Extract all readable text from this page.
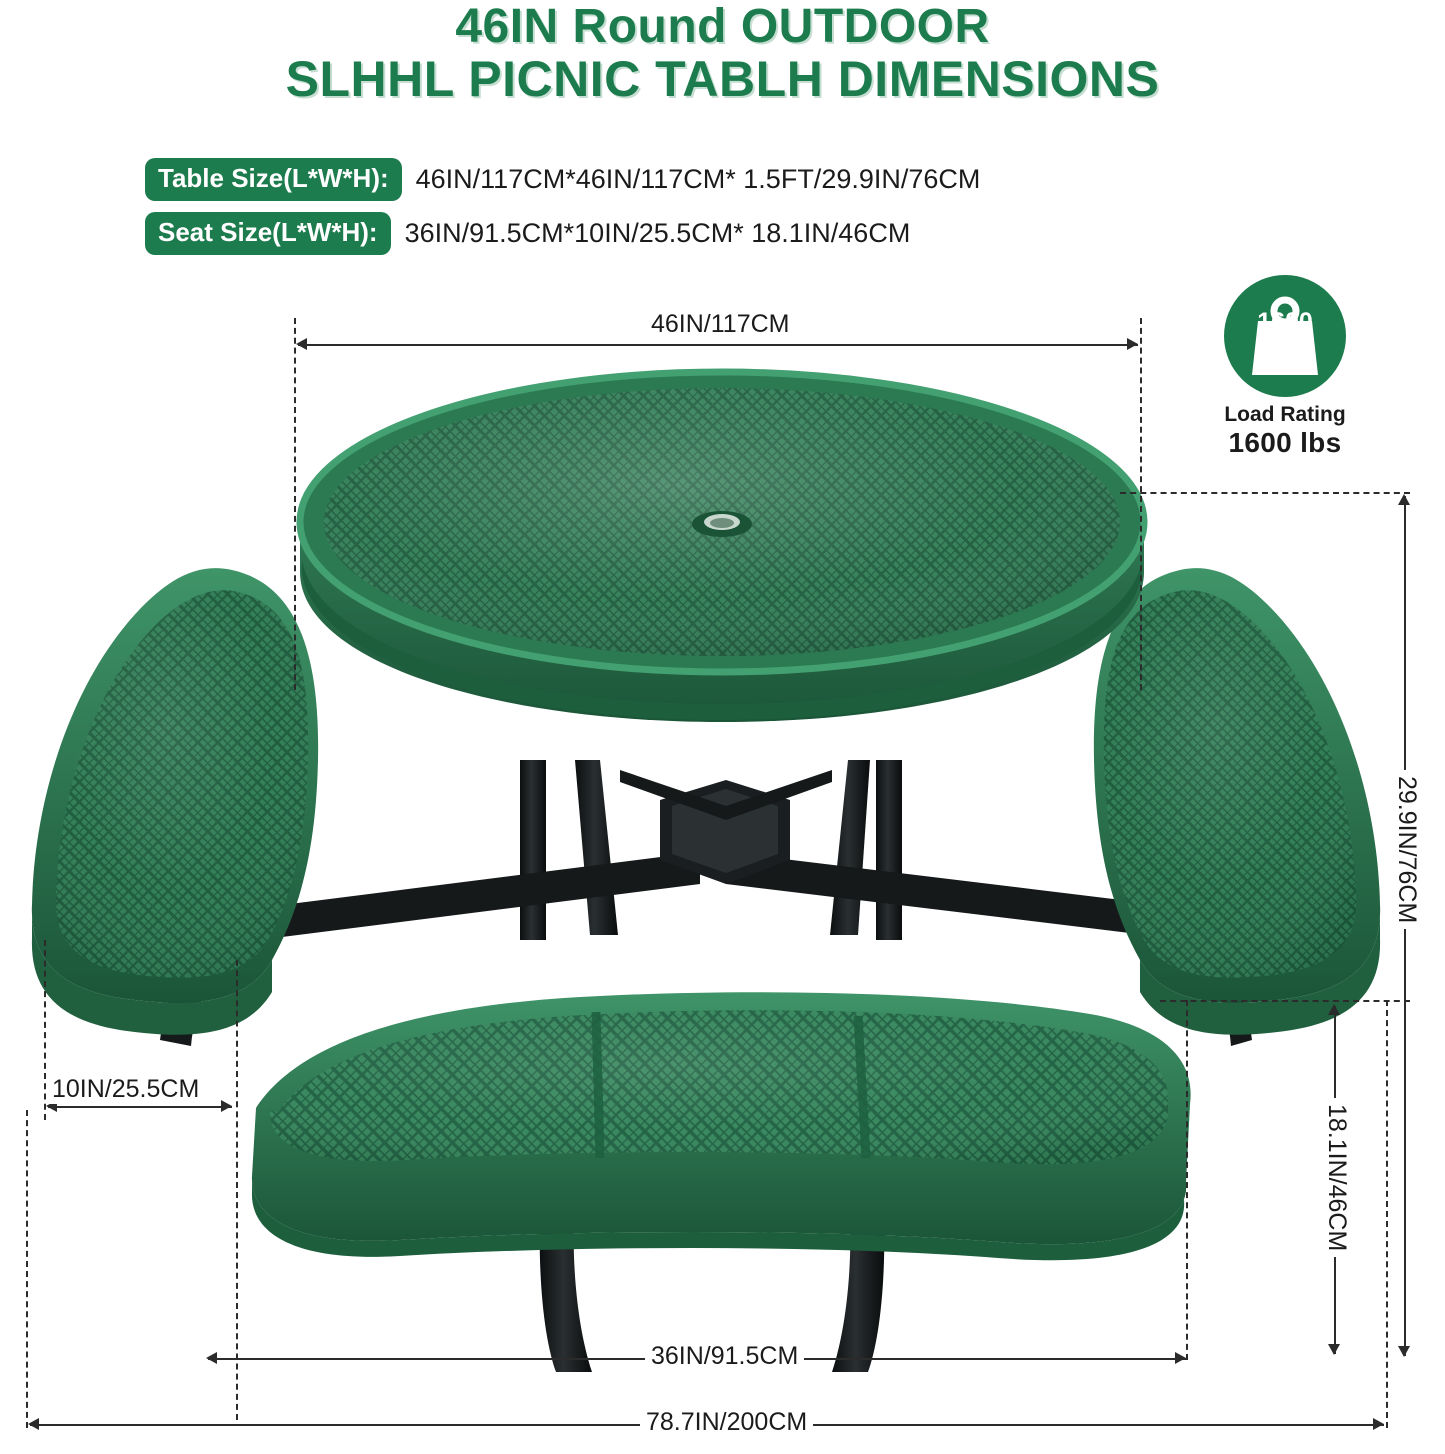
46IN Round OUTDOOR
SLHHL PICNIC TABLH DIMENSIONS
Table Size(L*W*H):	46IN/117CM*46IN/117CM* 1.5FT/29.9IN/76CM
Seat Size(L*W*H):	36IN/91.5CM*10IN/25.5CM* 18.1IN/46CM
1600
lbs
Load Rating
1600 lbs
46IN/117CM
29.9IN/76CM
10IN/25.5CM
18.1IN/46CM
36IN/91.5CM
78.7IN/200CM
